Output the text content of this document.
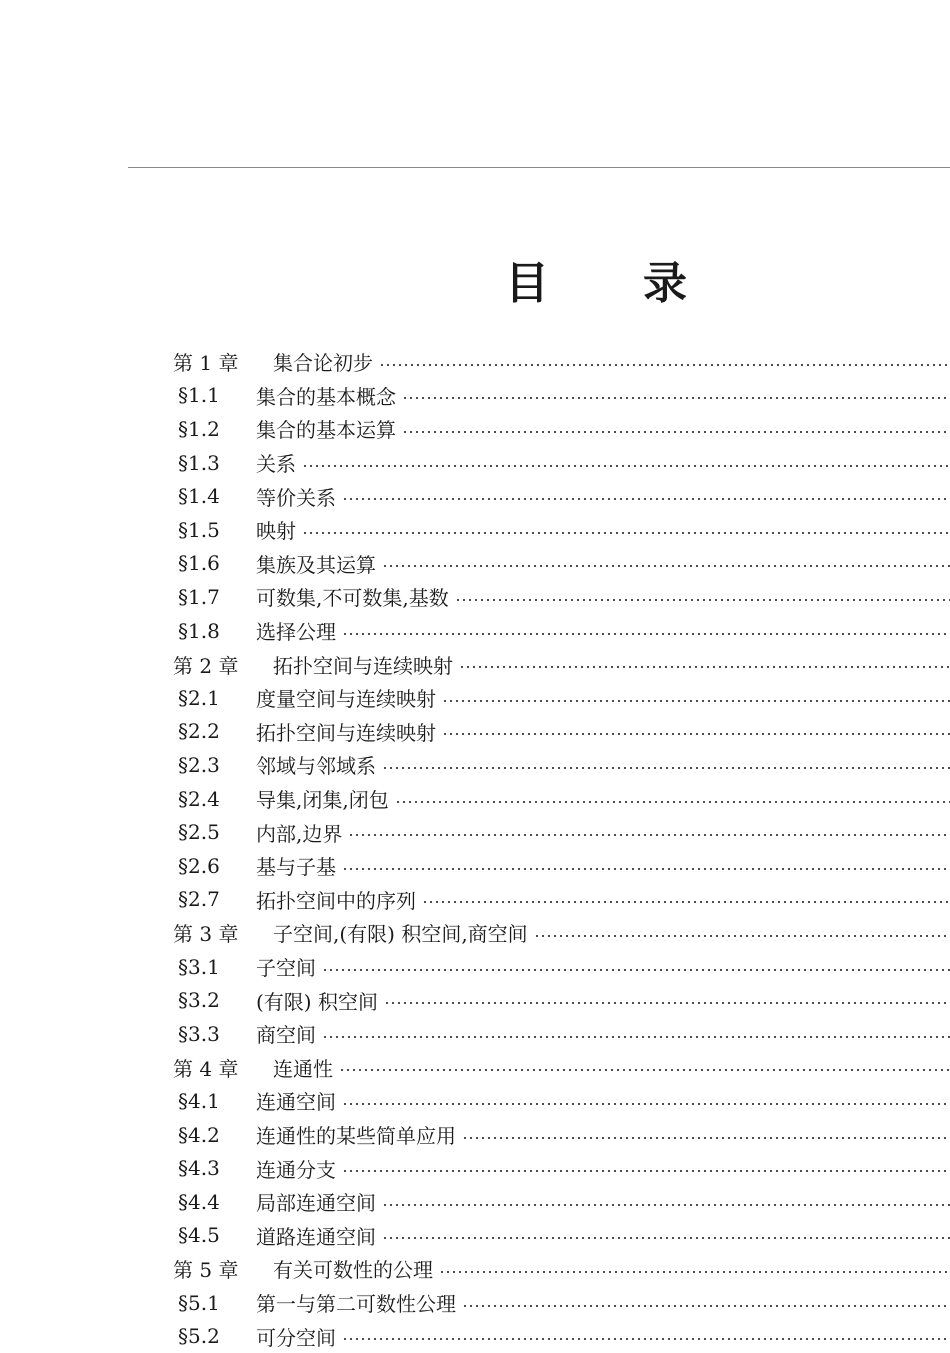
目 录
第 1 章	集合论初步
§1.1	集合的基本概念
§1.2	集合的基本运算
§1.3	关系
§1.4	等价关系
§1.5	映射
§1.6	集族及其运算
§1.7	可数集,不可数集,基数
§1.8	选择公理
第 2 章	拓扑空间与连续映射
§2.1	度量空间与连续映射
§2.2	拓扑空间与连续映射
§2.3	邻域与邻域系
§2.4	导集,闭集,闭包
§2.5	内部,边界
§2.6	基与子基
§2.7	拓扑空间中的序列
第 3 章	子空间,(有限) 积空间,商空间
§3.1	子空间
§3.2	(有限) 积空间
§3.3	商空间
第 4 章	连通性
§4.1	连通空间
§4.2	连通性的某些简单应用
§4.3	连通分支
§4.4	局部连通空间
§4.5	道路连通空间
第 5 章	有关可数性的公理
§5.1	第一与第二可数性公理
§5.2	可分空间
